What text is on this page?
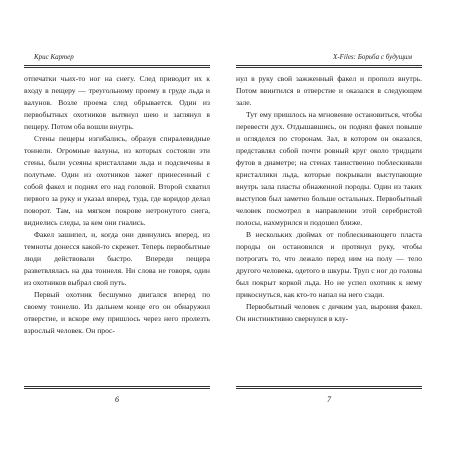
Крис Картер

отпечатки чьих-то ног на снегу. След приводит их к входу в пещеру — треугольному проему в груде льда и валунов. Возле проема след обрывается. Один из первобытных охотников вытянул шею и заглянул в пещеру. Потом оба вошли внутрь.

Стены пещеры изгибались, образуя спиралевидные тоннели. Огромные валуны, из которых состояли эти стены, были усеяны кристаллами льда и подсвечены в полутьме. Один из охотников зажег принесенный с собой факел и поднял его над головой. Второй схватил первого за руку и указал вперед, туда, где коридор делал поворот. Там, на мягком покрове нетронутого снега, виднелись следы, за кем они гнались.

Факел зашипел, и, когда они двинулись вперед, из темноты донесся какой-то скрежет. Теперь первобытные люди действовали быстро. Впереди пещера разветвлялась на два тоннеля. Ни слова не говоря, один из охотников выбрал свой путь.

Первый охотник бесшумно двигался вперед по своему тоннелю. Из дальнем конце его он обнаружил отверстие, и вскоре ему пришлось через него пролезть взрослый человек. Он прос-

6
X-Files: Борьба с будущим

нул в руку свой зажженный факел и прополз внутрь. Потом ввинтился в отверстие и оказался в следующем зале.

Тут ему пришлось на мгновение остановиться, чтобы перевести дух. Отдышавшись, он поднял факел повыше и огляделся по сторонам. Зал, в котором он оказался, представлял собой почти ровный круг около тридцати футов в диаметре; на стенах таинственно поблескивали кристаллики льда, которые покрывали выступающие внутрь зала пласты обнаженной породы. Один из таких выступов был заметно больше остальных. Первобытный человек посмотрел в направлении этой серебристой полосы, нахмурился и подошел ближе.

В нескольких дюймах от поблескивающего пласта породы он остановился и протянул руку, чтобы потрогать то, что лежало перед ним на полу — тело другого человека, одетого в шкуры. Труп с ног до головы был покрыт коркой льда. Но не успел охотник к нему прикоснуться, как кто-то напал на него сзади.

Первобытный человек с дичким уал, вырония факел. Он инстинктивно свернулся в клу-

7
